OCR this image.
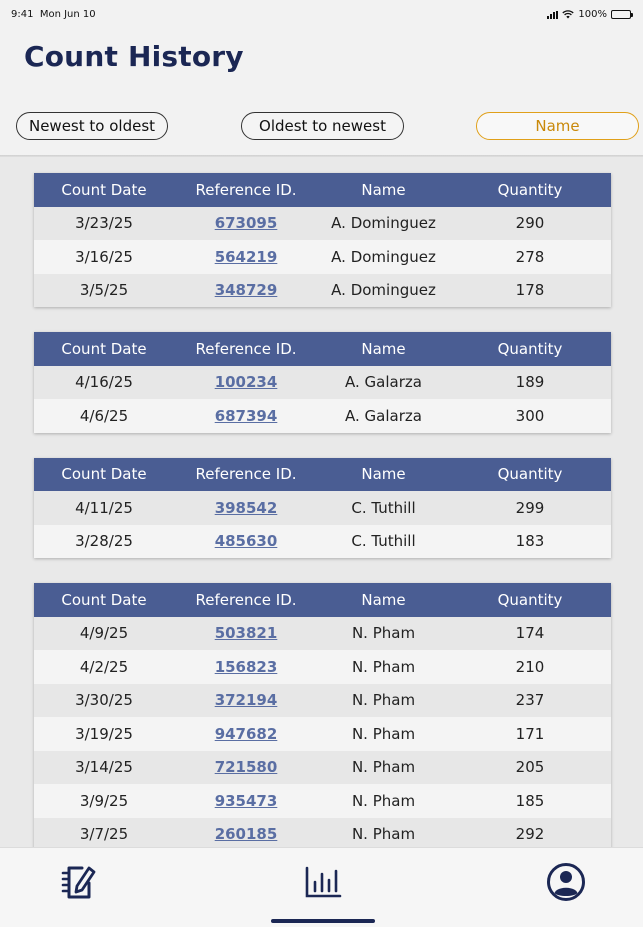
9:41 Mon Jun 10	100%
Count History
Newest to oldest	Oldest to newest	Name
Count Date	Reference ID.	Name	Quantity
3/23/25	673095	A. Dominguez	290
3/16/25	564219	A. Dominguez	278
3/5/25	348729	A. Dominguez	178
Count Date	Reference ID.	Name	Quantity
4/16/25	100234	A. Galarza	189
4/6/25	687394	A. Galarza	300
Count Date	Reference ID.	Name	Quantity
4/11/25	398542	C. Tuthill	299
3/28/25	485630	C. Tuthill	183
Count Date	Reference ID.	Name	Quantity
4/9/25	503821	N. Pham	174
4/2/25	156823	N. Pham	210
3/30/25	372194	N. Pham	237
3/19/25	947682	N. Pham	171
3/14/25	721580	N. Pham	205
3/9/25	935473	N. Pham	185
3/7/25	260185	N. Pham	292
